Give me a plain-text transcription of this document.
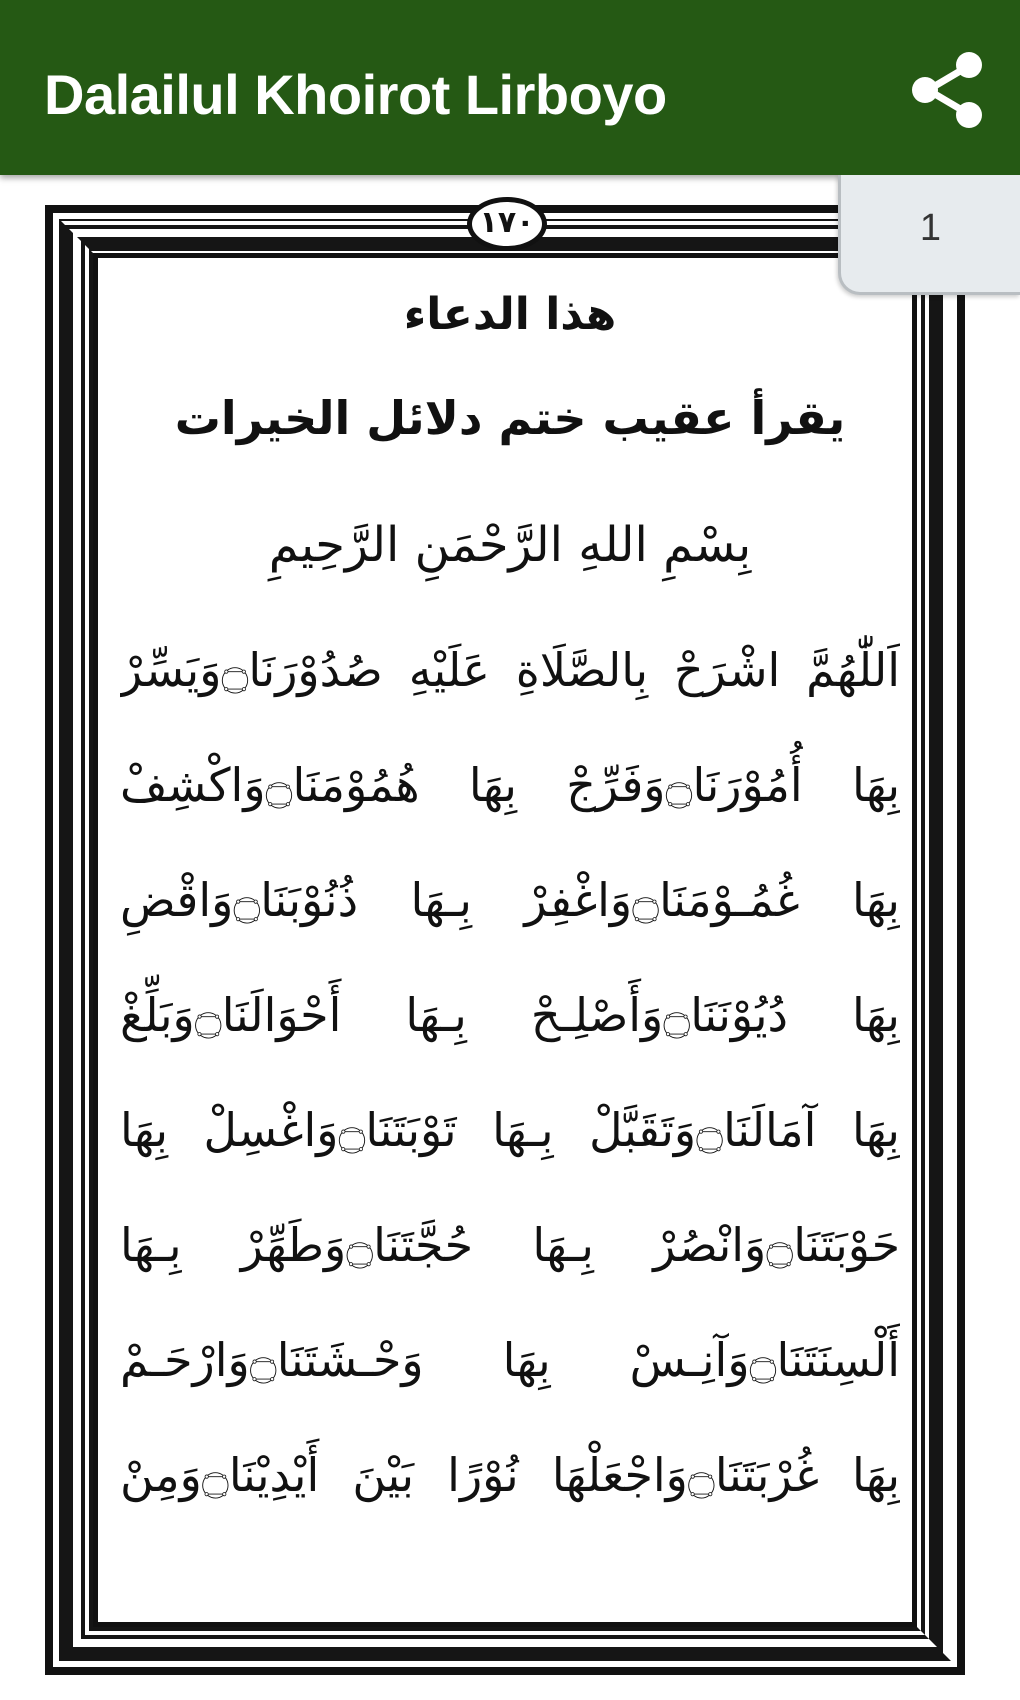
Dalailul Khoirot Lirboyo
١٧٠
هذا الدعاء
يقرأ عقيب ختم دلائل الخيرات
بِسْمِ اللهِ الرَّحْمَنِ الرَّحِيمِ
اَللّٰهُمَّ اشْرَحْ بِالصَّلَاةِ عَلَيْهِ صُدُوْرَنَا۝وَيَسِّرْ
بِهَا أُمُوْرَنَا۝وَفَرِّجْ بِهَا هُمُوْمَنَا۝وَاكْشِفْ
بِهَا غُمُـوْمَنَا۝وَاغْفِرْ بِـهَا ذُنُوْبَنَا۝وَاقْضِ
بِهَا دُيُوْنَنَا۝وَأَصْلِـحْ بِـهَا أَحْوَالَنَا۝وَبَلِّغْ
بِهَا آمَالَنَا۝وَتَقَبَّلْ بِـهَا تَوْبَتَنَا۝وَاغْسِلْ بِهَا
حَوْبَتَنَا۝وَانْصُرْ بِـهَا حُجَّتَنَا۝وَطَهِّرْ بِـهَا
أَلْسِنَتَنَا۝وَآنِـسْ بِهَا وَحْـشَتَنَا۝وَارْحَـمْ
بِهَا غُرْبَتَنَا۝وَاجْعَلْهَا نُوْرًا بَيْنَ أَيْدِيْنَا۝وَمِنْ
1
